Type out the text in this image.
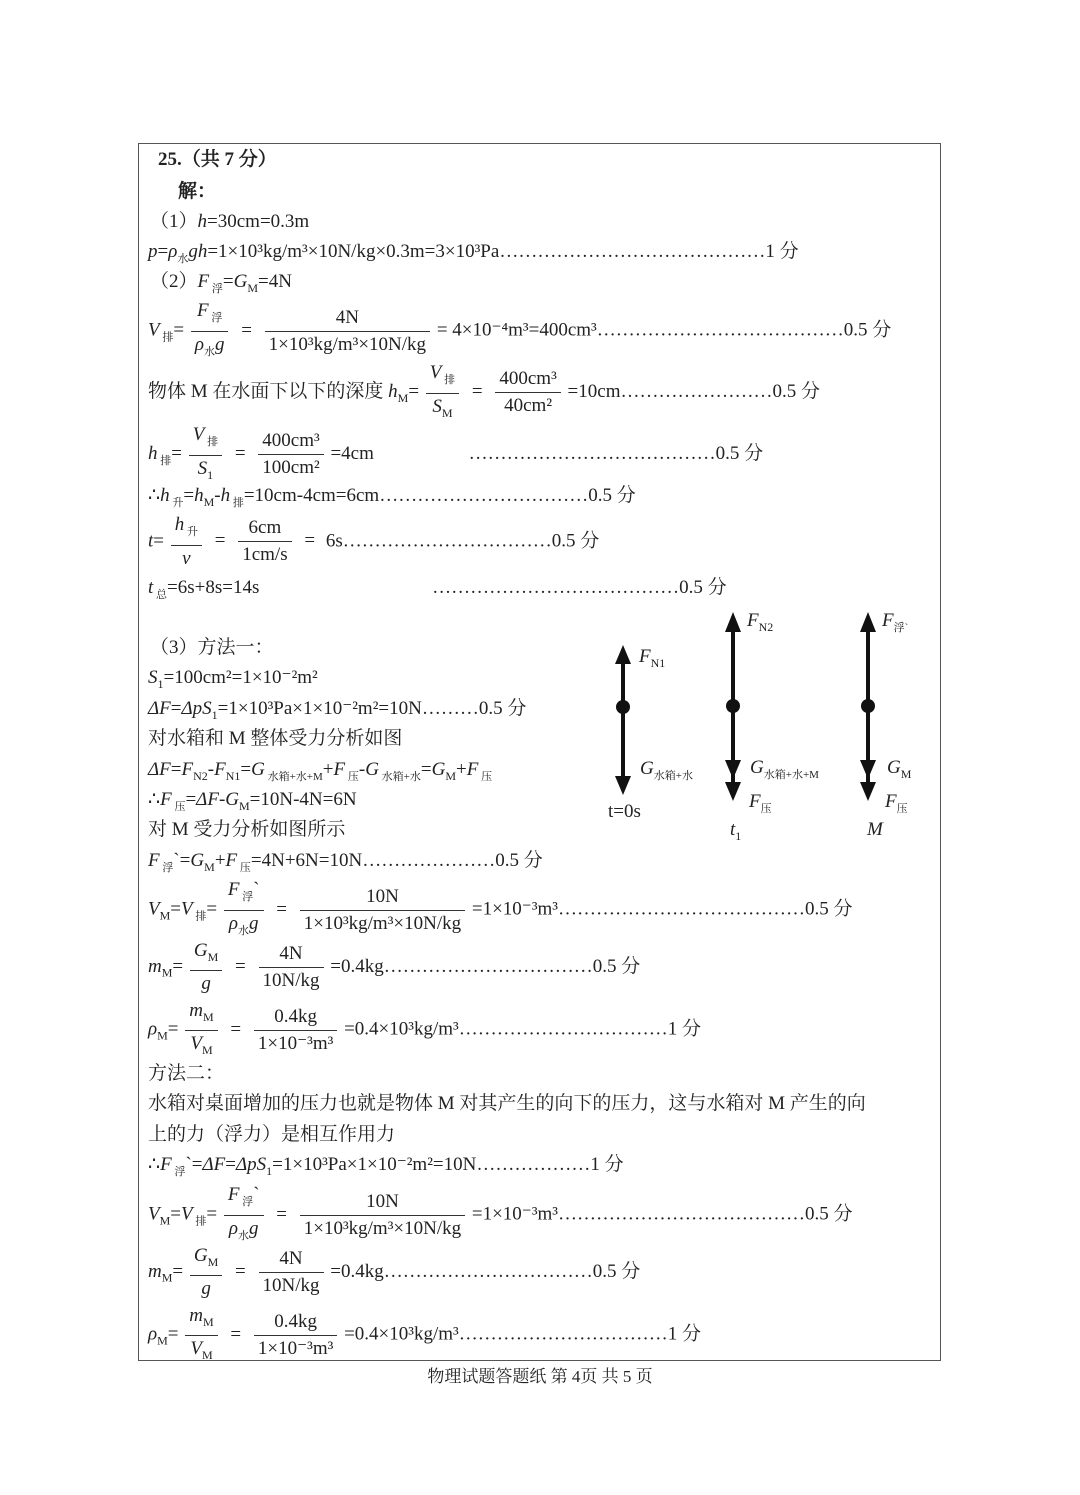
25.（共 7 分）
解：
（1）h=30cm=0.3m
$p=\rho_水gh=1\times 10^3kg/m^3\times 10N/kg\times 0.3m=3\times 10^3Pa\dots\dots\dots\dots\dots\dots\dots\dots\dots\dots\dots\dots\dots\dots 1$ 分
（2）F $_浮=G_M=4N$
V $_排$=
F $_浮$
$\rho_水g$
= $\frac{4N}{\text{1×10³kg/m³×10N/kg}}$ = 4×10⁻⁴m³=400cm³…………………………………0.5 分
物体 M 在水面下以下的深度 $h_M=$
V $_排$
$S_M$
= $\frac{\text{400cm³}}{\text{40cm²}}$ =10cm……………………0.5 分
h $_排$=
V $_排$
$S_1$
= $\frac{\text{400cm³}}{\text{100cm²}} =4cm$	…………………………………0.5 分
∴h $_升=h_M-h$ $_排$=10cm-4cm=6cm……………………………0.5 分
t=
h $_升$
v
= $\frac{6cm}{1cm/s}$ = 6s……………………………0.5 分
t $_总$=6s+8s=14s	…………………………………0.5 分
（3）方法一：
$S_1=100cm^2=1\times 10^{-2}m^2$
ΔF=ΔpS$_1$=1×10³Pa×1×10⁻²m²=10N………0.5 分
对水箱和 M 整体受力分析如图
$\Delta F=F_{N2}-F_{N1}=G$ $_{水箱+水+M}$+F $_压$-G $_{水箱+水}=G_M+F$ $_压$
∴F $_压=\Delta F-G_M=10N-4N=6N$
对 M 受力分析如图所示
F $_浮`=G_M+F$ $_压$=4N+6N=10N…………………0.5 分
$V_M=V$ $_排$=
F $_浮$`
$\rho_水g$
= $\frac{10N}{\text{1×10³kg/m³×10N/kg}}$ =1×10⁻³m³…………………………………0.5 分
$m_M= \frac{G_M}{g} = \frac{4N}{10N/kg}$ =0.4kg……………………………0.5 分
$\rho_M= \frac{m_M}{V_M} = \frac{0.4kg}{\text{1×10⁻³m³}}$ =0.4×10³kg/m³……………………………1 分
方法二：
水箱对桌面增加的压力也就是物体 M 对其产生的向下的压力，这与水箱对 M 产生的向
上的力（浮力）是相互作用力
∴F $_浮$`=ΔF=ΔpS$_1$=1×10³Pa×1×10⁻²m²=10N………………1 分
$V_M=V$ $_排$=
F $_浮$`
$\rho_水g$
= $\frac{10N}{\text{1×10³kg/m³×10N/kg}}$ =1×10⁻³m³…………………………………0.5 分
$m_M= \frac{G_M}{g} = \frac{4N}{10N/kg}$ =0.4kg……………………………0.5 分
$\rho_M= \frac{m_M}{V_M} = \frac{0.4kg}{\text{1×10⁻³m³}}$ =0.4×10³kg/m³……………………………1 分
$F_{N1}$
$G_{水箱+水}$
t=0s
$F_{N2}$
$G_{水箱+水+M}$
$F_压$
$t_1$
$F_{浮`}$
$G_M$
$F_压$
M
物理试题答题纸 第 4页 共 5 页
